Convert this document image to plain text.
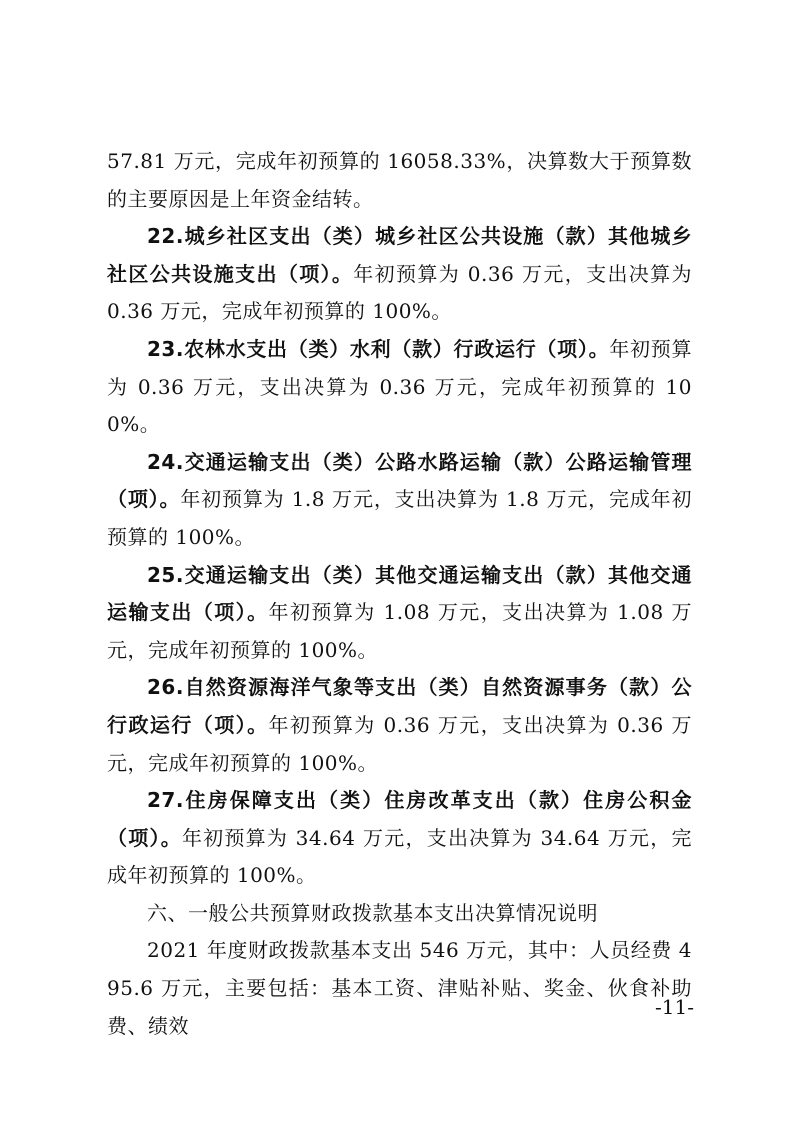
57.81 万元，完成年初预算的 16058.33%，决算数大于预算数的主要原因是上年资金结转。

22.城乡社区支出（类）城乡社区公共设施（款）其他城乡社区公共设施支出（项）。年初预算为 0.36 万元，支出决算为 0.36 万元，完成年初预算的 100%。

23.农林水支出（类）水利（款）行政运行（项）。年初预算为 0.36 万元，支出决算为 0.36 万元，完成年初预算的 100%。

24.交通运输支出（类）公路水路运输（款）公路运输管理（项）。年初预算为 1.8 万元，支出决算为 1.8 万元，完成年初预算的 100%。

25.交通运输支出（类）其他交通运输支出（款）其他交通运输支出（项）。年初预算为 1.08 万元，支出决算为 1.08 万元，完成年初预算的 100%。

26.自然资源海洋气象等支出（类）自然资源事务（款）公行政运行（项）。年初预算为 0.36 万元，支出决算为 0.36 万元，完成年初预算的 100%。

27.住房保障支出（类）住房改革支出（款）住房公积金（项）。年初预算为 34.64 万元，支出决算为 34.64 万元，完成年初预算的 100%。

六、一般公共预算财政拨款基本支出决算情况说明

2021 年度财政拨款基本支出 546 万元，其中：人员经费 495.6 万元，主要包括：基本工资、津贴补贴、奖金、伙食补助费、绩效

-11-
